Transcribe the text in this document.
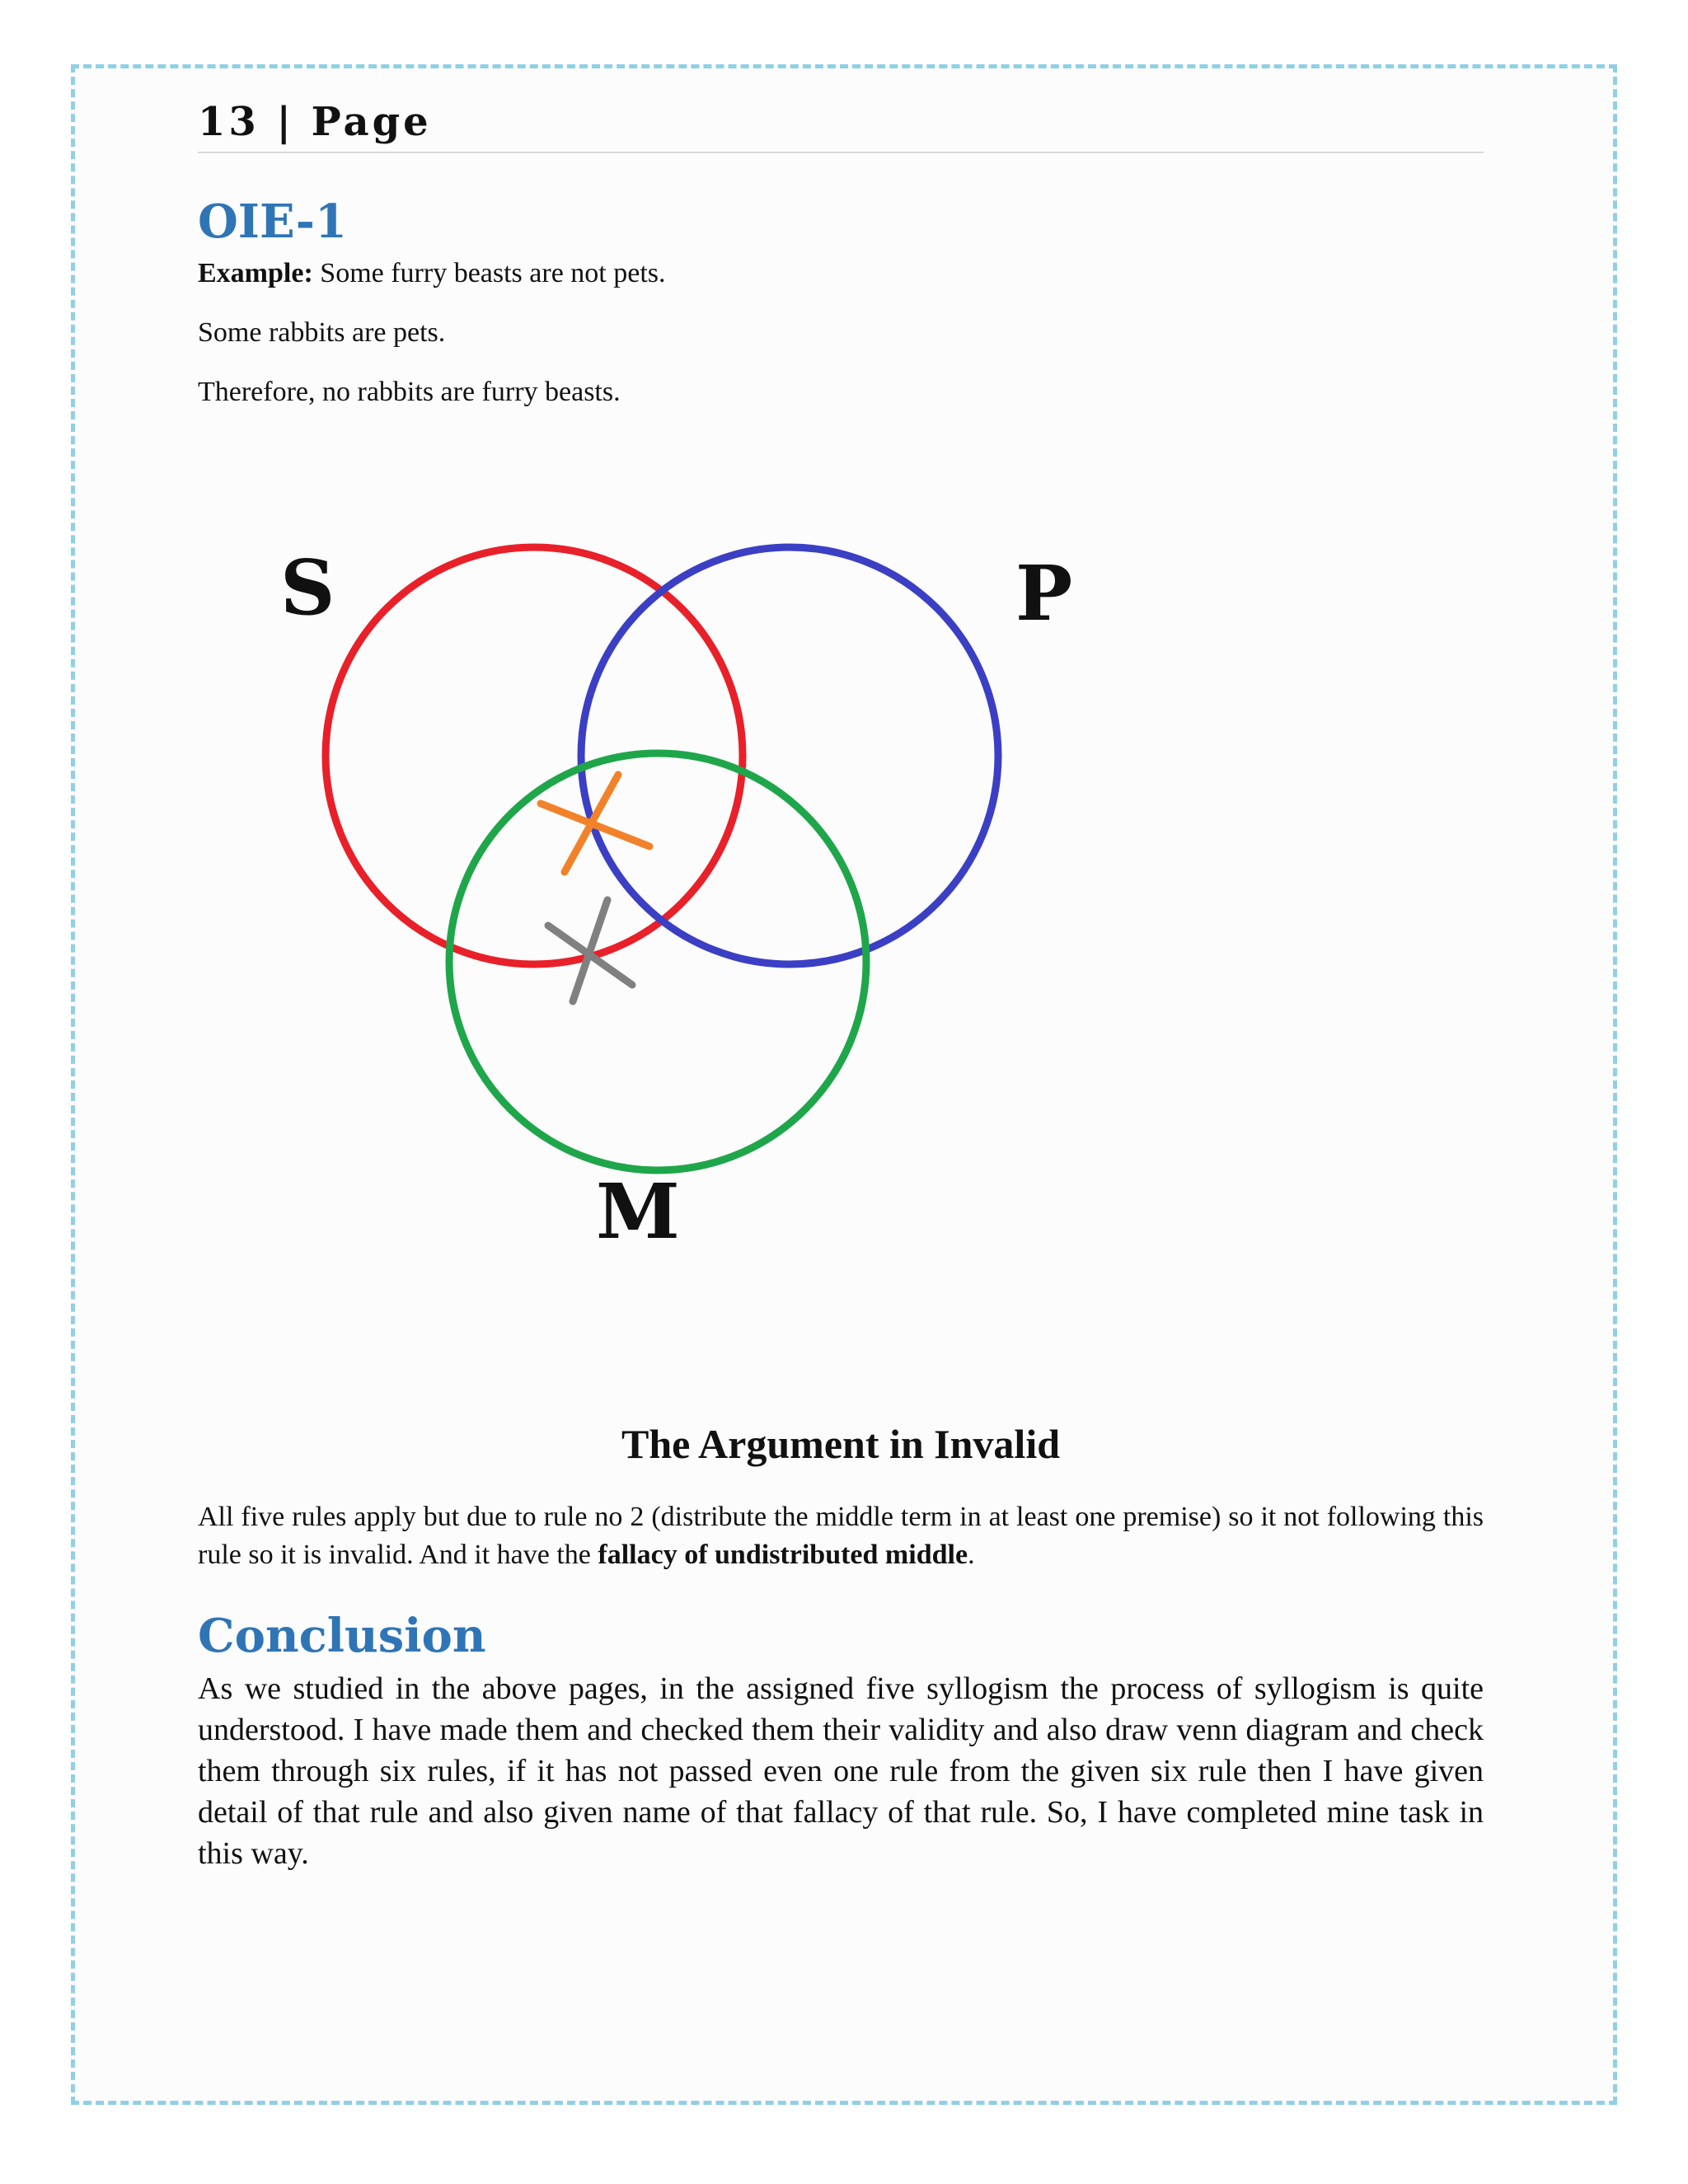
13 | Page
OIE-1
Example: Some furry beasts are not pets.
Some rabbits are pets.
Therefore, no rabbits are furry beasts.
S	P
M
The Argument in Invalid
All five rules apply but due to rule no 2 (distribute the middle term in at least one premise) so it not following this rule so it is invalid. And it have the fallacy of undistributed middle.
Conclusion
As we studied in the above pages, in the assigned five syllogism the process of syllogism is quite understood. I have made them and checked them their validity and also draw venn diagram and check them through six rules, if it has not passed even one rule from the given six rule then I have given detail of that rule and also given name of that fallacy of that rule. So, I have completed mine task in this way.
